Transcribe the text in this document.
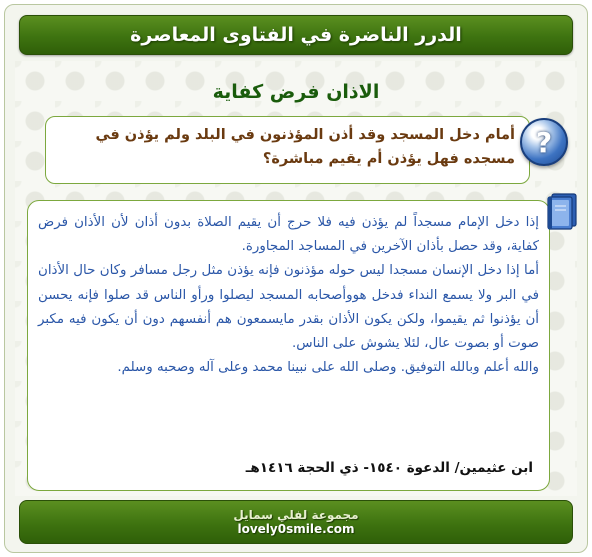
الدرر الناضرة في الفتاوى المعاصرة
الاذان فرض كفاية
أمام دخل المسجد وقد أذن المؤذنون في البلد ولم يؤذن في مسجده فهل يؤذن أم يقيم مباشرة؟
?

إذا دخل الإمام مسجداً لم يؤذن فيه فلا حرج أن يقيم الصلاة بدون أذان لأن الأذان فرض كفاية، وقد حصل بأذان الآخرين في المساجد المجاورة.

أما إذا دخل الإنسان مسجدا ليس حوله مؤذنون فإنه يؤذن مثل رجل مسافر وكان حال الأذان في البر ولا يسمع النداء فدخل هووأصحابه المسجد ليصلوا ورأو الناس قد صلوا فإنه يحسن أن يؤذنوا ثم يقيموا، ولكن يكون الأذان بقدر مايسمعون هم أنفسهم دون أن يكون فيه مكبر صوت أو بصوت عال، لئلا يشوش على الناس.

والله أعلم وبالله التوفيق. وصلى الله على نبينا محمد وعلى آله وصحبه وسلم.

ابن عثيمين/ الدعوة ١٥٤٠- ذي الحجة ١٤١٦هـ
مجموعة لفلي سمايل
lovely0smile.com
